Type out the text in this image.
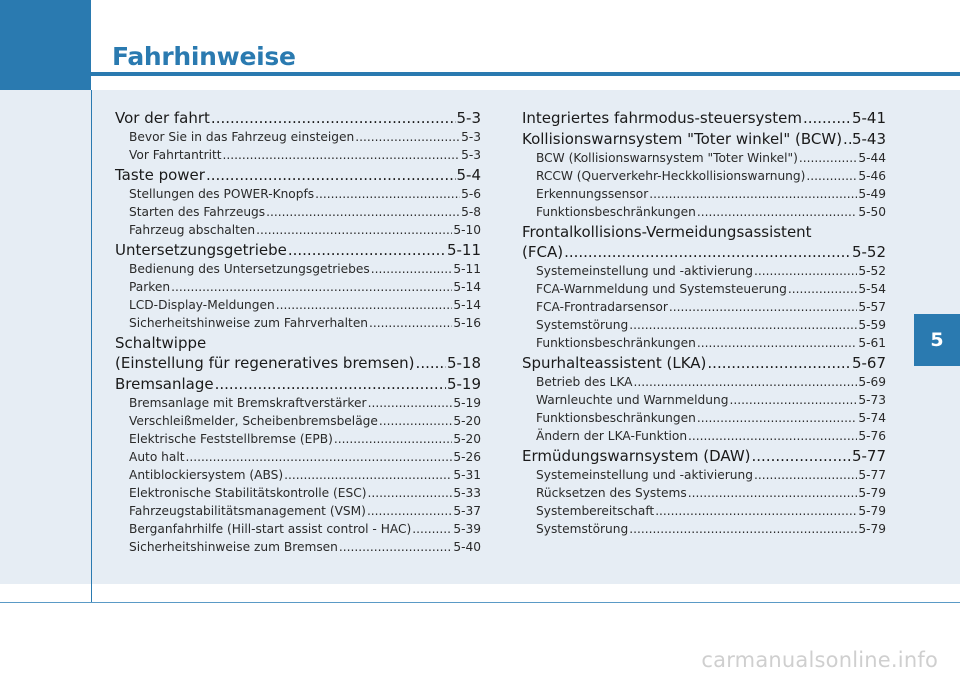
Fahrhinweise
5
Vor der fahrt .....	5-3
Bevor Sie in das Fahrzeug einsteigen .....	5-3
Vor Fahrtantritt .....	5-3
Taste power .....	5-4
Stellungen des POWER-Knopfs .....	5-6
Starten des Fahrzeugs .....	5-8
Fahrzeug abschalten .....	5-10
Untersetzungsgetriebe .....	5-11
Bedienung des Untersetzungsgetriebes .....	5-11
Parken .....	5-14
LCD-Display-Meldungen .....	5-14
Sicherheitshinweise zum Fahrverhalten .....	5-16
Schaltwippe
(Einstellung für regeneratives bremsen) ..... 5-18
Bremsanlage .....	5-19
Bremsanlage mit Bremskraftverstärker .....	5-19
Verschleißmelder, Scheibenbremsbeläge .....	5-20
Elektrische Feststellbremse (EPB) .....	5-20
Auto halt .....	5-26
Antiblockiersystem (ABS) .....	5-31
Elektronische Stabilitätskontrolle (ESC) .....	5-33
Fahrzeugstabilitätsmanagement (VSM) .....	5-37
Berganfahrhilfe (Hill-start assist control - HAC) .....	5-39
Sicherheitshinweise zum Bremsen .....	5-40
Integriertes fahrmodus-steuersystem .....	5-41
Kollisionswarnsystem "Toter winkel" (BCW) ..... 5-43
BCW (Kollisionswarnsystem "Toter Winkel") .....	5-44
RCCW (Querverkehr-Heckkollisionswarnung) .....	5-46
Erkennungssensor .....	5-49
Funktionsbeschränkungen .....	5-50
Frontalkollisions-Vermeidungsassistent
(FCA) .....	5-52
Systemeinstellung und -aktivierung .....	5-52
FCA-Warnmeldung und Systemsteuerung .....	5-54
FCA-Frontradarsensor .....	5-57
Systemstörung .....	5-59
Funktionsbeschränkungen .....	5-61
Spurhalteassistent (LKA) .....	5-67
Betrieb des LKA .....	5-69
Warnleuchte und Warnmeldung .....	5-73
Funktionsbeschränkungen .....	5-74
Ändern der LKA-Funktion .....	5-76
Ermüdungswarnsystem (DAW) .....	5-77
Systemeinstellung und -aktivierung .....	5-77
Rücksetzen des Systems .....	5-79
Systembereitschaft .....	5-79
Systemstörung .....	5-79
carmanualsonline.info
